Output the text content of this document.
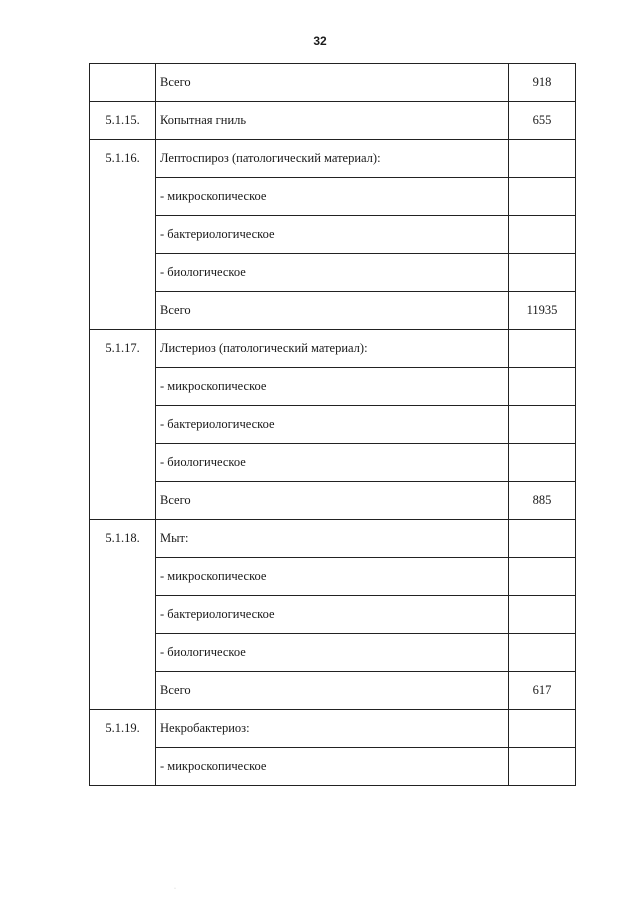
32
	Всего	918
5.1.15.	Копытная гниль	655
5.1.16.	Лептоспироз (патологический материал):	
	- микроскопическое	
	- бактериологическое	
	- биологическое	
	Всего	11935
5.1.17.	Листериоз (патологический материал):	
	- микроскопическое	
	- бактериологическое	
	- биологическое	
	Всего	885
5.1.18.	Мыт:	
	- микроскопическое	
	- бактериологическое	
	- биологическое	
	Всего	617
5.1.19.	Некробактериоз:	
	- микроскопическое	
·
